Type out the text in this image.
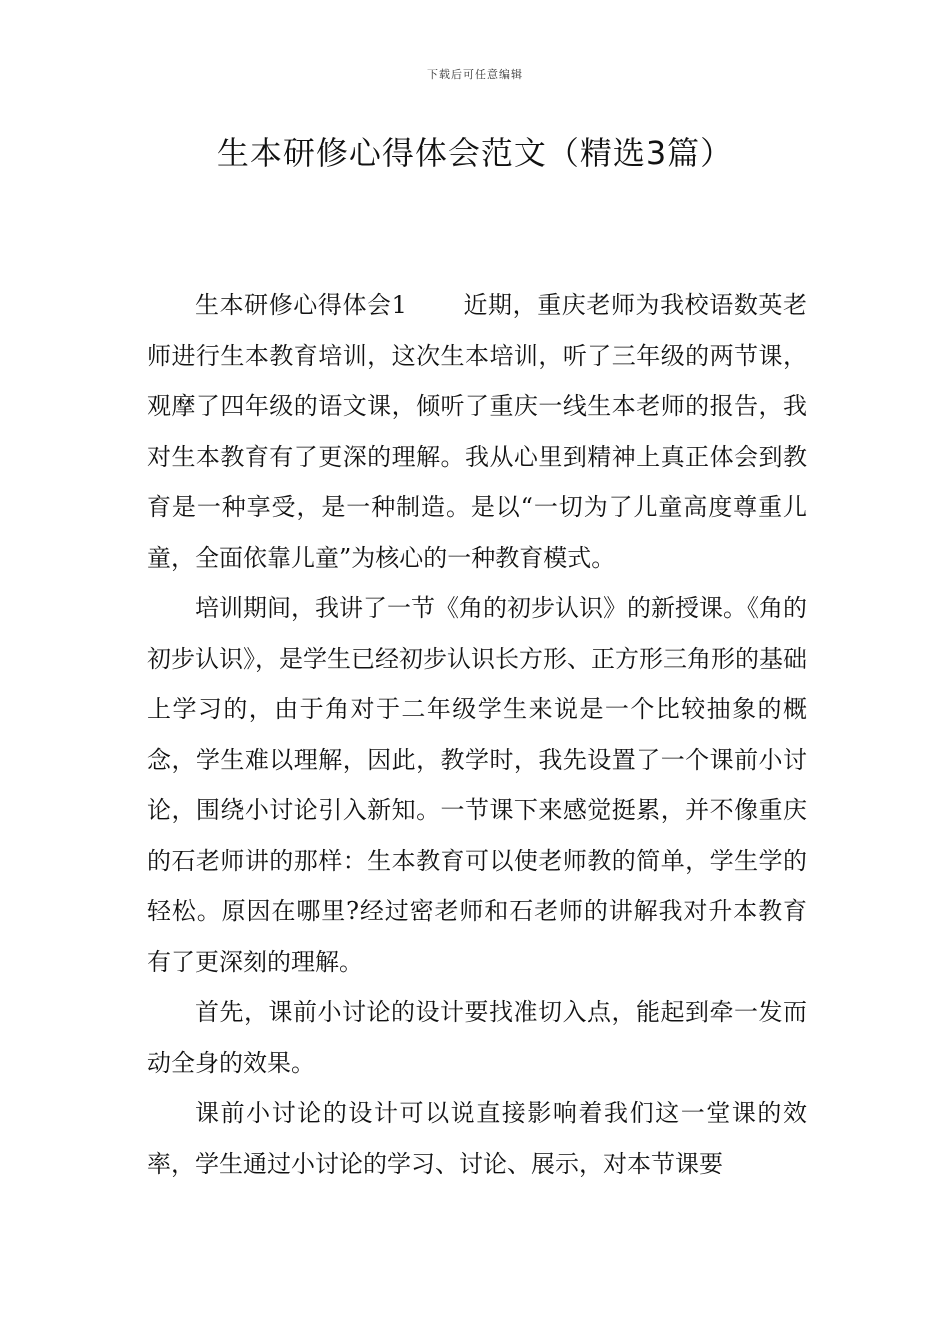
下载后可任意编辑
生本研修心得体会范文（精选3篇）

生本研修心得体会1 近期，重庆老师为我校语数英老师进行生本教育培训，这次生本培训，听了三年级的两节课，观摩了四年级的语文课，倾听了重庆一线生本老师的报告，我对生本教育有了更深的理解。我从心里到精神上真正体会到教育是一种享受，是一种制造。是以“一切为了儿童高度尊重儿童，全面依靠儿童”为核心的一种教育模式。

培训期间，我讲了一节《角的初步认识》的新授课。《角的初步认识》，是学生已经初步认识长方形、正方形三角形的基础上学习的，由于角对于二年级学生来说是一个比较抽象的概念，学生难以理解，因此，教学时，我先设置了一个课前小讨论，围绕小讨论引入新知。一节课下来感觉挺累，并不像重庆的石老师讲的那样：生本教育可以使老师教的简单，学生学的轻松。原因在哪里?经过密老师和石老师的讲解我对升本教育有了更深刻的理解。

首先，课前小讨论的设计要找准切入点，能起到牵一发而动全身的效果。

课前小讨论的设计可以说直接影响着我们这一堂课的效率，学生通过小讨论的学习、讨论、展示，对本节课要
